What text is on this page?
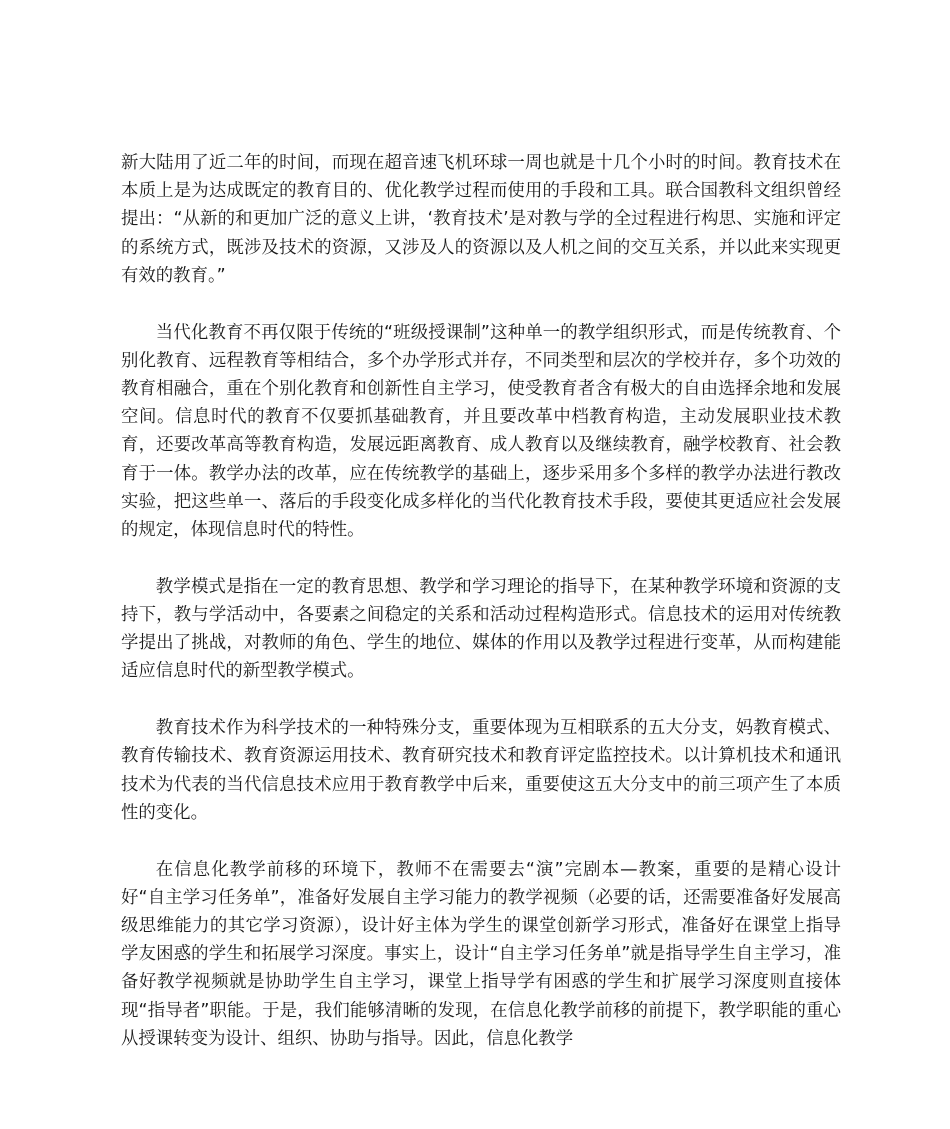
新大陆用了近二年的时间，而现在超音速飞机环球一周也就是十几个小时的时间。教育技术在本质上是为达成既定的教育目的、优化教学过程而使用的手段和工具。联合国教科文组织曾经提出：“从新的和更加广泛的意义上讲，‘教育技术’是对教与学的全过程进行构思、实施和评定的系统方式，既涉及技术的资源，又涉及人的资源以及人机之间的交互关系，并以此来实现更有效的教育。”

当代化教育不再仅限于传统的“班级授课制”这种单一的教学组织形式，而是传统教育、个别化教育、远程教育等相结合，多个办学形式并存，不同类型和层次的学校并存，多个功效的教育相融合，重在个别化教育和创新性自主学习，使受教育者含有极大的自由选择余地和发展空间。信息时代的教育不仅要抓基础教育，并且要改革中档教育构造，主动发展职业技术教育，还要改革高等教育构造，发展远距离教育、成人教育以及继续教育，融学校教育、社会教育于一体。教学办法的改革，应在传统教学的基础上，逐步采用多个多样的教学办法进行教改实验，把这些单一、落后的手段变化成多样化的当代化教育技术手段，要使其更适应社会发展的规定，体现信息时代的特性。

教学模式是指在一定的教育思想、教学和学习理论的指导下，在某种教学环境和资源的支持下，教与学活动中，各要素之间稳定的关系和活动过程构造形式。信息技术的运用对传统教学提出了挑战，对教师的角色、学生的地位、媒体的作用以及教学过程进行变革，从而构建能适应信息时代的新型教学模式。

教育技术作为科学技术的一种特殊分支，重要体现为互相联系的五大分支，妈教育模式、教育传输技术、教育资源运用技术、教育研究技术和教育评定监控技术。以计算机技术和通讯技术为代表的当代信息技术应用于教育教学中后来，重要使这五大分支中的前三项产生了本质性的变化。

在信息化教学前移的环境下，教师不在需要去“演”完剧本—教案，重要的是精心设计好“自主学习任务单”，准备好发展自主学习能力的教学视频（必要的话，还需要准备好发展高级思维能力的其它学习资源），设计好主体为学生的课堂创新学习形式，准备好在课堂上指导学友困惑的学生和拓展学习深度。事实上，设计“自主学习任务单”就是指导学生自主学习，准备好教学视频就是协助学生自主学习，课堂上指导学有困惑的学生和扩展学习深度则直接体现“指导者”职能。于是，我们能够清晰的发现，在信息化教学前移的前提下，教学职能的重心从授课转变为设计、组织、协助与指导。因此，信息化教学
